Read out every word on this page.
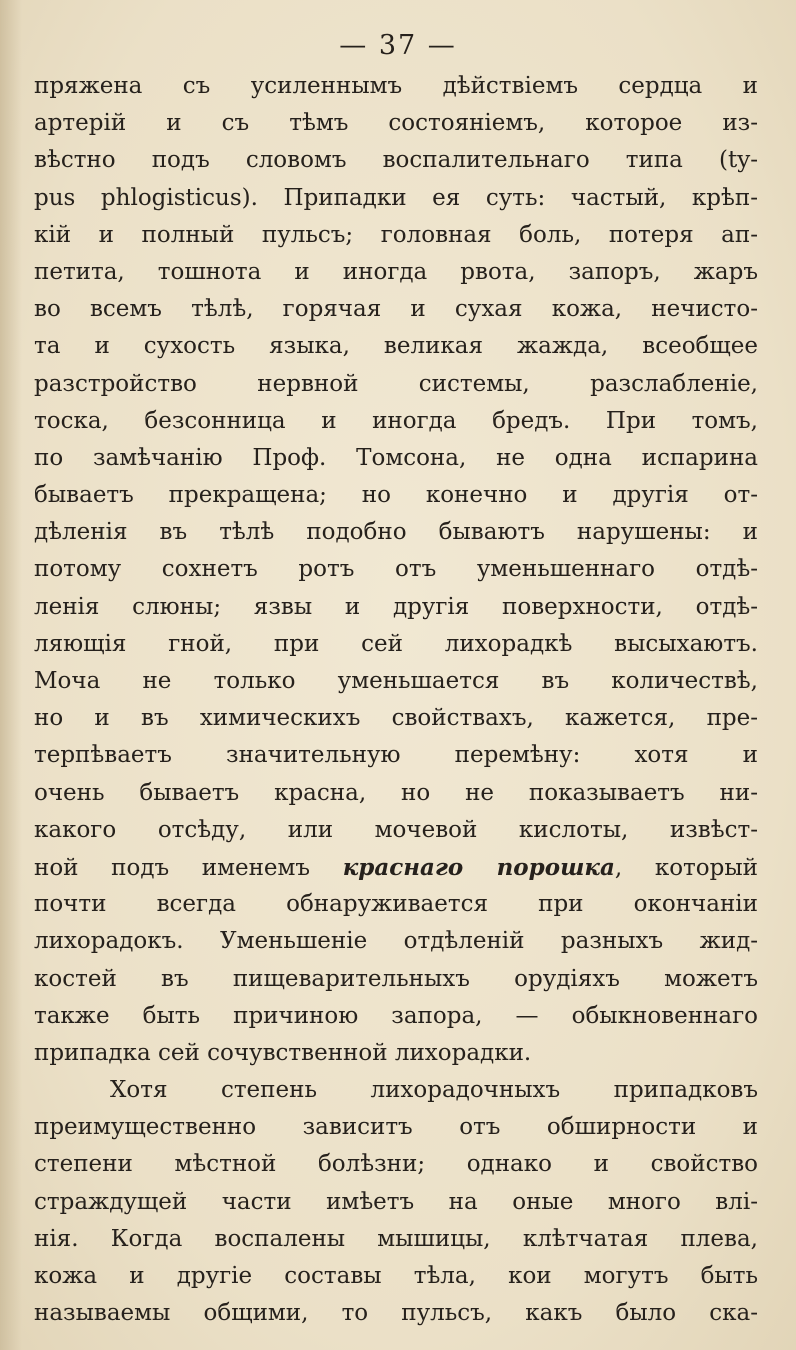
— 37 —
пряжена съ усиленнымъ дѣйствіемъ сердца и
артерій и съ тѣмъ состояніемъ, которое из-
вѣстно подъ словомъ воспалительнаго типа (ty-
pus phlogisticus). Припадки ея суть: частый, крѣп-
кій и полный пульсъ; головная боль, потеря ап-
петита, тошнота и иногда рвота, запоръ, жаръ
во всемъ тѣлѣ, горячая и сухая кожа, нечисто-
та и сухость языка, великая жажда, всеобщее
разстройство нервной системы, разслабленіе,
тоска, безсонница и иногда бредъ. При томъ,
по замѣчанію Проф. Томсона, не одна испарина
бываетъ прекращена; но конечно и другія от-
дѣленія въ тѣлѣ подобно бываютъ нарушены: и
потому сохнетъ ротъ отъ уменьшеннаго отдѣ-
ленія слюны; язвы и другія поверхности, отдѣ-
ляющія гной, при сей лихорадкѣ высыхаютъ.
Моча не только уменьшается въ количествѣ,
но и въ химическихъ свойствахъ, кажется, пре-
терпѣваетъ значительную перемѣну: хотя и
очень бываетъ красна, но не показываетъ ни-
какого отсѣду, или мочевой кислоты, извѣст-
ной подъ именемъ краснаго порошка, который
почти всегда обнаруживается при окончаніи
лихорадокъ. Уменьшеніе отдѣленій разныхъ жид-
костей въ пищеварительныхъ орудіяхъ можетъ
также быть причиною запора, — обыкновеннаго
припадка сей сочувственной лихорадки.
Хотя степень лихорадочныхъ припадковъ
преимущественно зависитъ отъ обширности и
степени мѣстной болѣзни; однако и свойство
страждущей части имѣетъ на оные много влі-
нія. Когда воспалены мышицы, клѣтчатая плева,
кожа и другіе составы тѣла, кои могутъ быть
называемы общими, то пульсъ, какъ было ска-
